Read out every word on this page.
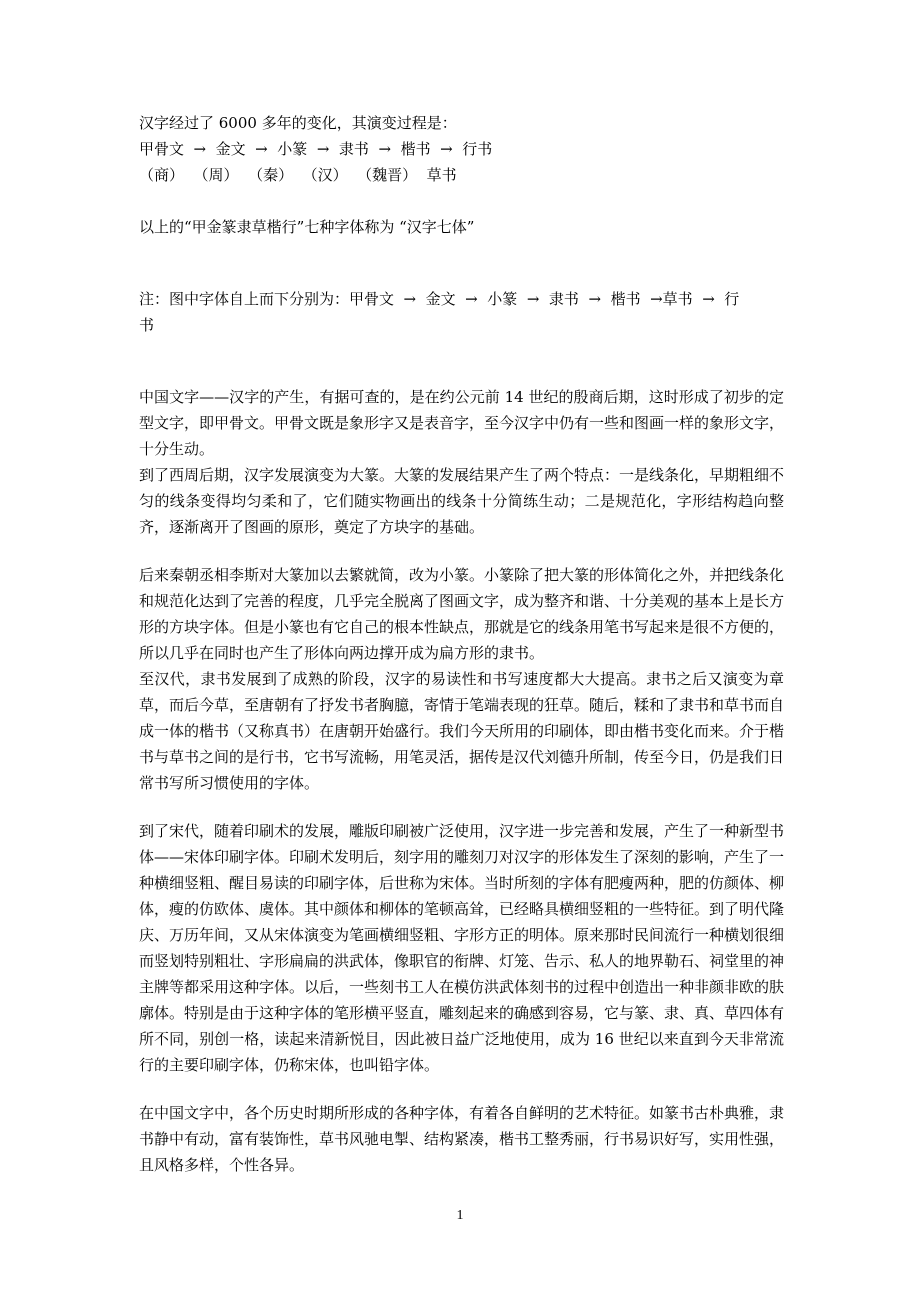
汉字经过了 6000 多年的变化，其演变过程是：

甲骨文  →  金文  →  小篆  →  隶书  →  楷书  →  行书

（商）  （周）  （秦）  （汉）  （魏晋）  草书

以上的“甲金篆隶草楷行”七种字体称为 “汉字七体”

注：图中字体自上而下分别为：甲骨文  →  金文  →  小篆  →  隶书  →  楷书  →草书  →  行

书

中国文字——汉字的产生，有据可查的，是在约公元前 14 世纪的殷商后期，这时形成了初步的定型文字，即甲骨文。甲骨文既是象形字又是表音字，至今汉字中仍有一些和图画一样的象形文字，十分生动。

到了西周后期，汉字发展演变为大篆。大篆的发展结果产生了两个特点：一是线条化，早期粗细不匀的线条变得均匀柔和了，它们随实物画出的线条十分简练生动；二是规范化，字形结构趋向整齐，逐渐离开了图画的原形，奠定了方块字的基础。

后来秦朝丞相李斯对大篆加以去繁就简，改为小篆。小篆除了把大篆的形体简化之外，并把线条化和规范化达到了完善的程度，几乎完全脱离了图画文字，成为整齐和谐、十分美观的基本上是长方形的方块字体。但是小篆也有它自己的根本性缺点，那就是它的线条用笔书写起来是很不方便的，所以几乎在同时也产生了形体向两边撑开成为扁方形的隶书。

至汉代，隶书发展到了成熟的阶段，汉字的易读性和书写速度都大大提高。隶书之后又演变为章草，而后今草，至唐朝有了抒发书者胸臆，寄情于笔端表现的狂草。随后，糅和了隶书和草书而自成一体的楷书（又称真书）在唐朝开始盛行。我们今天所用的印刷体，即由楷书变化而来。介于楷书与草书之间的是行书，它书写流畅，用笔灵活，据传是汉代刘德升所制，传至今日，仍是我们日常书写所习惯使用的字体。

到了宋代，随着印刷术的发展，雕版印刷被广泛使用，汉字进一步完善和发展，产生了一种新型书体——宋体印刷字体。印刷术发明后，刻字用的雕刻刀对汉字的形体发生了深刻的影响，产生了一种横细竖粗、醒目易读的印刷字体，后世称为宋体。当时所刻的字体有肥瘦两种，肥的仿颜体、柳体，瘦的仿欧体、虞体。其中颜体和柳体的笔顿高耸，已经略具横细竖粗的一些特征。到了明代隆庆、万历年间，又从宋体演变为笔画横细竖粗、字形方正的明体。原来那时民间流行一种横划很细而竖划特别粗壮、字形扁扁的洪武体，像职官的衔牌、灯笼、告示、私人的地界勒石、祠堂里的神主牌等都采用这种字体。以后，一些刻书工人在模仿洪武体刻书的过程中创造出一种非颜非欧的肤廓体。特别是由于这种字体的笔形横平竖直，雕刻起来的确感到容易，它与篆、隶、真、草四体有所不同，别创一格，读起来清新悦目，因此被日益广泛地使用，成为 16 世纪以来直到今天非常流行的主要印刷字体，仍称宋体，也叫铅字体。

在中国文字中，各个历史时期所形成的各种字体，有着各自鲜明的艺术特征。如篆书古朴典雅，隶书静中有动，富有装饰性，草书风驰电掣、结构紧凑，楷书工整秀丽，行书易识好写，实用性强，且风格多样，个性各异。

1
